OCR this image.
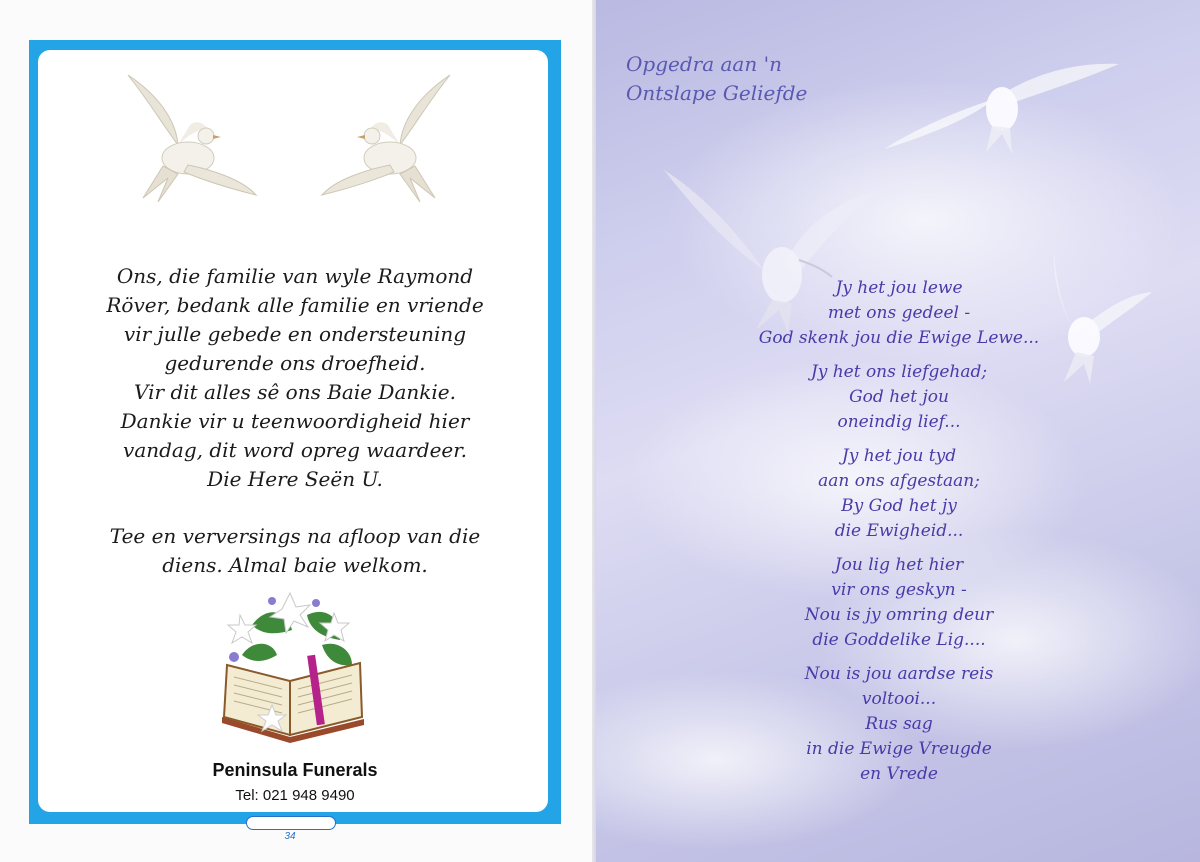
Ons, die familie van wyle Raymond

Röver, bedank alle familie en vriende

vir julle gebede en ondersteuning

gedurende ons droefheid.

Vir dit alles sê ons Baie Dankie.

Dankie vir u teenwoordigheid hier

vandag, dit word opreg waardeer.

Die Here Seën U.

Tee en verversings na afloop van die

diens. Almal baie welkom.

Peninsula Funerals
Tel: 021 948 9490
34
Opgedra aan 'n
Ontslape Geliefde
Jy het jou lewe
met ons gedeel -
God skenk jou die Ewige Lewe...
Jy het ons liefgehad;
God het jou
oneindig lief...
Jy het jou tyd
aan ons afgestaan;
By God het jy
die Ewigheid...
Jou lig het hier
vir ons geskyn -
Nou is jy omring deur
die Goddelike Lig....
Nou is jou aardse reis
voltooi...
Rus sag
in die Ewige Vreugde
en Vrede
